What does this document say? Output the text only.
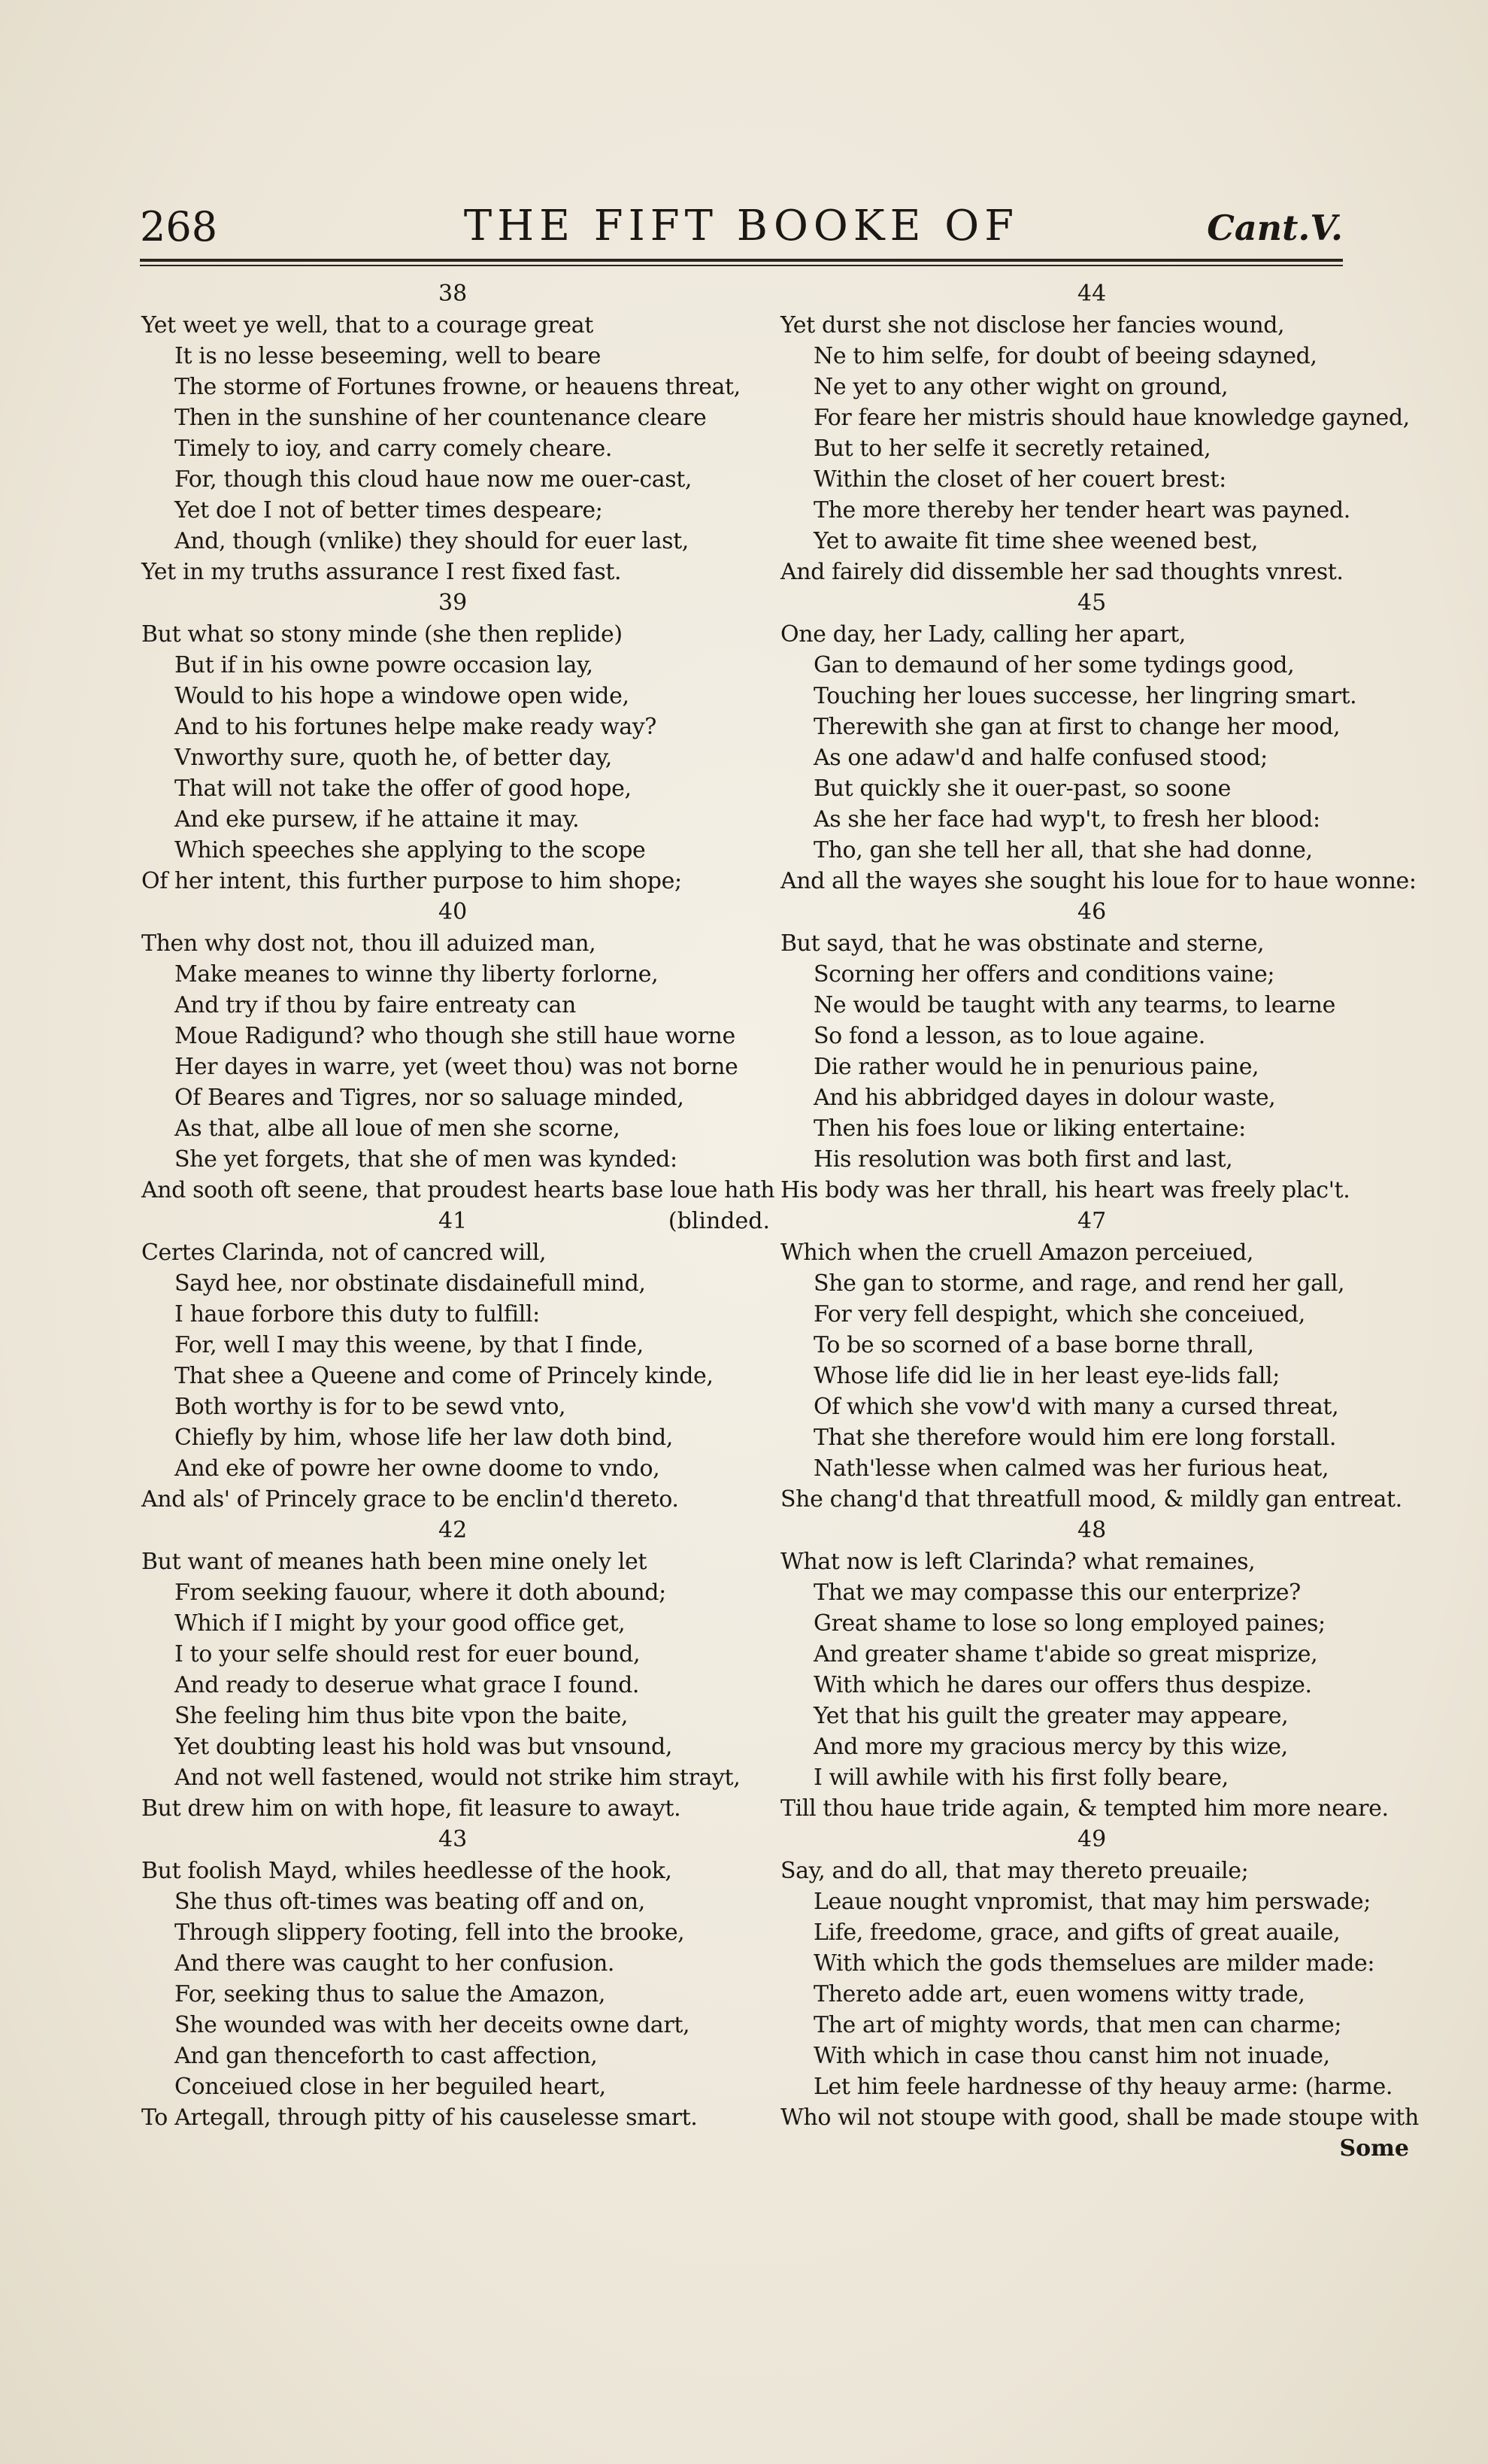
268	THE FIFT BOOKE OF	Cant.V.
38
Yet weet ye well, that to a courage great
It is no lesse beseeming, well to beare
The storme of Fortunes frowne, or heauens threat,
Then in the sunshine of her countenance cleare
Timely to ioy, and carry comely cheare.
For, though this cloud haue now me ouer-cast,
Yet doe I not of better times despeare;
And, though (vnlike) they should for euer last,
Yet in my truths assurance I rest fixed fast.
39
But what so stony minde (she then replide)
But if in his owne powre occasion lay,
Would to his hope a windowe open wide,
And to his fortunes helpe make ready way?
Vnworthy sure, quoth he, of better day,
That will not take the offer of good hope,
And eke pursew, if he attaine it may.
Which speeches she applying to the scope
Of her intent, this further purpose to him shope;
40
Then why dost not, thou ill aduized man,
Make meanes to winne thy liberty forlorne,
And try if thou by faire entreaty can
Moue Radigund? who though she still haue worne
Her dayes in warre, yet (weet thou) was not borne
Of Beares and Tigres, nor so saluage minded,
As that, albe all loue of men she scorne,
She yet forgets, that she of men was kynded:
And sooth oft seene, that proudest hearts base loue hath
41	(blinded.
Certes Clarinda, not of cancred will,
Sayd hee, nor obstinate disdainefull mind,
I haue forbore this duty to fulfill:
For, well I may this weene, by that I finde,
That shee a Queene and come of Princely kinde,
Both worthy is for to be sewd vnto,
Chiefly by him, whose life her law doth bind,
And eke of powre her owne doome to vndo,
And als' of Princely grace to be enclin'd thereto.
42
But want of meanes hath been mine onely let
From seeking fauour, where it doth abound;
Which if I might by your good office get,
I to your selfe should rest for euer bound,
And ready to deserue what grace I found.
She feeling him thus bite vpon the baite,
Yet doubting least his hold was but vnsound,
And not well fastened, would not strike him strayt,
But drew him on with hope, fit leasure to awayt.
43
But foolish Mayd, whiles heedlesse of the hook,
She thus oft-times was beating off and on,
Through slippery footing, fell into the brooke,
And there was caught to her confusion.
For, seeking thus to salue the Amazon,
She wounded was with her deceits owne dart,
And gan thenceforth to cast affection,
Conceiued close in her beguiled heart,
To Artegall, through pitty of his causelesse smart.
44
Yet durst she not disclose her fancies wound,
Ne to him selfe, for doubt of beeing sdayned,
Ne yet to any other wight on ground,
For feare her mistris should haue knowledge gayned,
But to her selfe it secretly retained,
Within the closet of her couert brest:
The more thereby her tender heart was payned.
Yet to awaite fit time shee weened best,
And fairely did dissemble her sad thoughts vnrest.
45
One day, her Lady, calling her apart,
Gan to demaund of her some tydings good,
Touching her loues successe, her lingring smart.
Therewith she gan at first to change her mood,
As one adaw'd and halfe confused stood;
But quickly she it ouer-past, so soone
As she her face had wyp't, to fresh her blood:
Tho, gan she tell her all, that she had donne,
And all the wayes she sought his loue for to haue wonne:
46
But sayd, that he was obstinate and sterne,
Scorning her offers and conditions vaine;
Ne would be taught with any tearms, to learne
So fond a lesson, as to loue againe.
Die rather would he in penurious paine,
And his abbridged dayes in dolour waste,
Then his foes loue or liking entertaine:
His resolution was both first and last,
His body was her thrall, his heart was freely plac't.
47
Which when the cruell Amazon perceiued,
She gan to storme, and rage, and rend her gall,
For very fell despight, which she conceiued,
To be so scorned of a base borne thrall,
Whose life did lie in her least eye-lids fall;
Of which she vow'd with many a cursed threat,
That she therefore would him ere long forstall.
Nath'lesse when calmed was her furious heat,
She chang'd that threatfull mood, & mildly gan entreat.
48
What now is left Clarinda? what remaines,
That we may compasse this our enterprize?
Great shame to lose so long employed paines;
And greater shame t'abide so great misprize,
With which he dares our offers thus despize.
Yet that his guilt the greater may appeare,
And more my gracious mercy by this wize,
I will awhile with his first folly beare,
Till thou haue tride again, & tempted him more neare.
49
Say, and do all, that may thereto preuaile;
Leaue nought vnpromist, that may him perswade;
Life, freedome, grace, and gifts of great auaile,
With which the gods themselues are milder made:
Thereto adde art, euen womens witty trade,
The art of mighty words, that men can charme;
With which in case thou canst him not inuade,
Let him feele hardnesse of thy heauy arme: (harme.
Who wil not stoupe with good, shall be made stoupe with
Some
